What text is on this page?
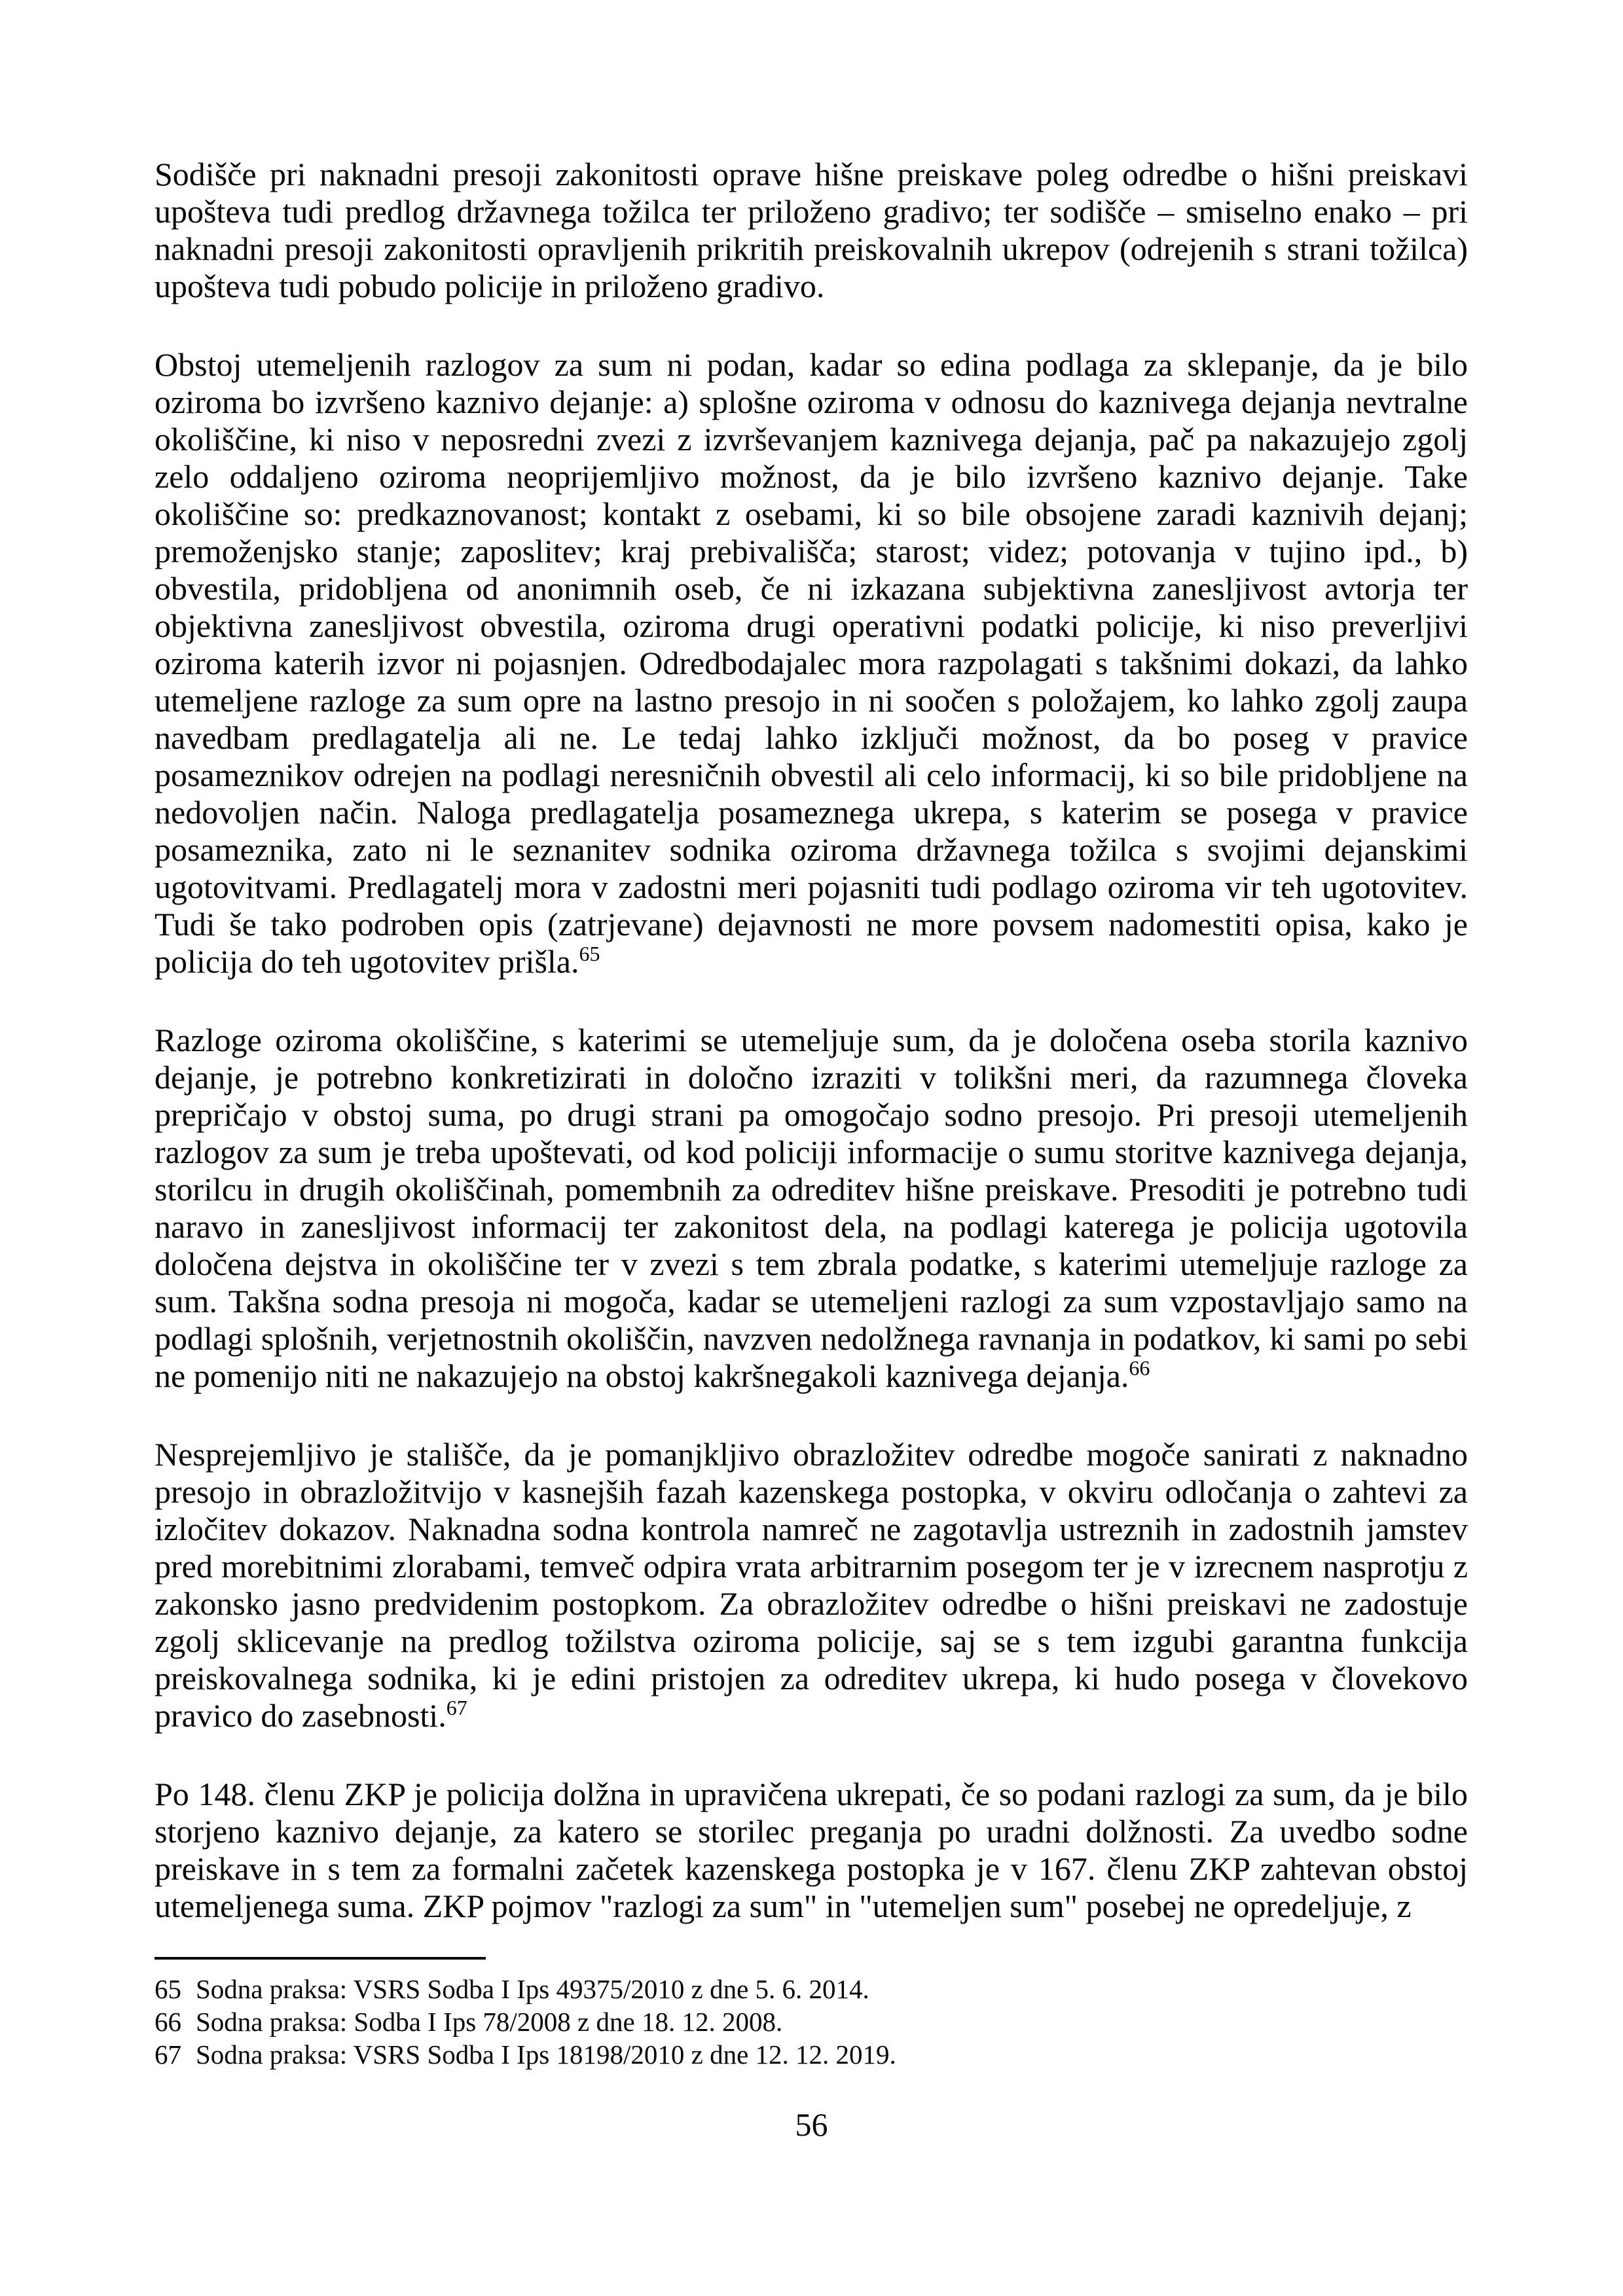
Sodišče pri naknadni presoji zakonitosti oprave hišne preiskave poleg odredbe o hišni preiskavi upošteva tudi predlog državnega tožilca ter priloženo gradivo; ter sodišče – smiselno enako – pri naknadni presoji zakonitosti opravljenih prikritih preiskovalnih ukrepov (odrejenih s strani tožilca) upošteva tudi pobudo policije in priloženo gradivo.

Obstoj utemeljenih razlogov za sum ni podan, kadar so edina podlaga za sklepanje, da je bilo oziroma bo izvršeno kaznivo dejanje: a) splošne oziroma v odnosu do kaznivega dejanja nevtralne okoliščine, ki niso v neposredni zvezi z izvrševanjem kaznivega dejanja, pač pa nakazujejo zgolj zelo oddaljeno oziroma neoprijemljivo možnost, da je bilo izvršeno kaznivo dejanje. Take okoliščine so: predkaznovanost; kontakt z osebami, ki so bile obsojene zaradi kaznivih dejanj; premoženjsko stanje; zaposlitev; kraj prebivališča; starost; videz; potovanja v tujino ipd., b) obvestila, pridobljena od anonimnih oseb, če ni izkazana subjektivna zanesljivost avtorja ter objektivna zanesljivost obvestila, oziroma drugi operativni podatki policije, ki niso preverljivi oziroma katerih izvor ni pojasnjen. Odredbodajalec mora razpolagati s takšnimi dokazi, da lahko utemeljene razloge za sum opre na lastno presojo in ni soočen s položajem, ko lahko zgolj zaupa navedbam predlagatelja ali ne. Le tedaj lahko izključi možnost, da bo poseg v pravice posameznikov odrejen na podlagi neresničnih obvestil ali celo informacij, ki so bile pridobljene na nedovoljen način. Naloga predlagatelja posameznega ukrepa, s katerim se posega v pravice posameznika, zato ni le seznanitev sodnika oziroma državnega tožilca s svojimi dejanskimi ugotovitvami. Predlagatelj mora v zadostni meri pojasniti tudi podlago oziroma vir teh ugotovitev. Tudi še tako podroben opis (zatrjevane) dejavnosti ne more povsem nadomestiti opisa, kako je policija do teh ugotovitev prišla.$^{65}$

Razloge oziroma okoliščine, s katerimi se utemeljuje sum, da je določena oseba storila kaznivo dejanje, je potrebno konkretizirati in določno izraziti v tolikšni meri, da razumnega človeka prepričajo v obstoj suma, po drugi strani pa omogočajo sodno presojo. Pri presoji utemeljenih razlogov za sum je treba upoštevati, od kod policiji informacije o sumu storitve kaznivega dejanja, storilcu in drugih okoliščinah, pomembnih za odreditev hišne preiskave. Presoditi je potrebno tudi naravo in zanesljivost informacij ter zakonitost dela, na podlagi katerega je policija ugotovila določena dejstva in okoliščine ter v zvezi s tem zbrala podatke, s katerimi utemeljuje razloge za sum. Takšna sodna presoja ni mogoča, kadar se utemeljeni razlogi za sum vzpostavljajo samo na podlagi splošnih, verjetnostnih okoliščin, navzven nedolžnega ravnanja in podatkov, ki sami po sebi ne pomenijo niti ne nakazujejo na obstoj kakršnegakoli kaznivega dejanja.$^{66}$

Nesprejemljivo je stališče, da je pomanjkljivo obrazložitev odredbe mogoče sanirati z naknadno presojo in obrazložitvijo v kasnejših fazah kazenskega postopka, v okviru odločanja o zahtevi za izločitev dokazov. Naknadna sodna kontrola namreč ne zagotavlja ustreznih in zadostnih jamstev pred morebitnimi zlorabami, temveč odpira vrata arbitrarnim posegom ter je v izrecnem nasprotju z zakonsko jasno predvidenim postopkom. Za obrazložitev odredbe o hišni preiskavi ne zadostuje zgolj sklicevanje na predlog tožilstva oziroma policije, saj se s tem izgubi garantna funkcija preiskovalnega sodnika, ki je edini pristojen za odreditev ukrepa, ki hudo posega v človekovo pravico do zasebnosti.$^{67}$

Po 148. členu ZKP je policija dolžna in upravičena ukrepati, če so podani razlogi za sum, da je bilo storjeno kaznivo dejanje, za katero se storilec preganja po uradni dolžnosti. Za uvedbo sodne preiskave in s tem za formalni začetek kazenskega postopka je v 167. členu ZKP zahtevan obstoj utemeljenega suma. ZKP pojmov "razlogi za sum" in "utemeljen sum" posebej ne opredeljuje, z

65 Sodna praksa: VSRS Sodba I Ips 49375/2010 z dne 5. 6. 2014.
66 Sodna praksa: Sodba I Ips 78/2008 z dne 18. 12. 2008.
67 Sodna praksa: VSRS Sodba I Ips 18198/2010 z dne 12. 12. 2019.
56
